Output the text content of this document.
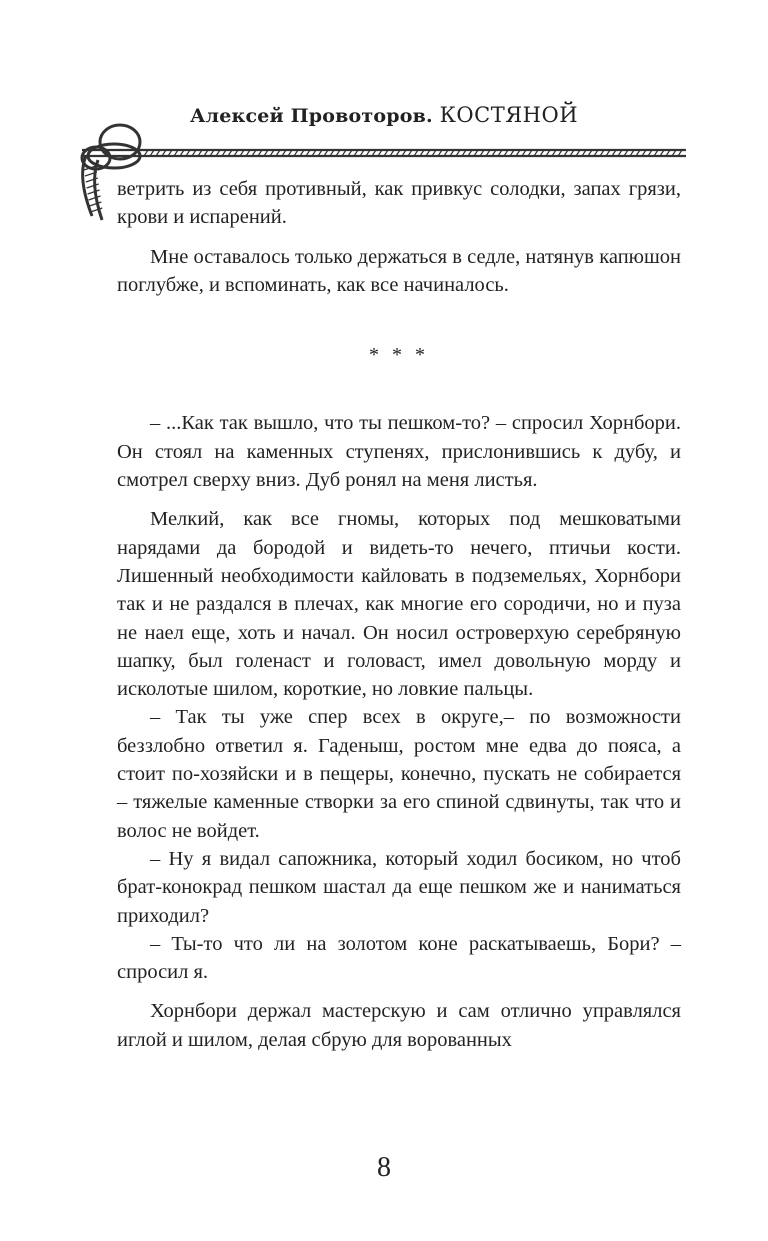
Алексей Провоторов. КОСТЯНОЙ

ветрить из себя противный, как привкус солодки, запах грязи, крови и испарений.

Мне оставалось только держаться в седле, натянув капюшон поглубже, и вспоминать, как все начиналось.

* * *

– ...Как так вышло, что ты пешком-то? – спросил Хорнбори. Он стоял на каменных ступенях, прислонившись к дубу, и смотрел сверху вниз. Дуб ронял на меня листья.

Мелкий, как все гномы, которых под мешковатыми нарядами да бородой и видеть-то нечего, птичьи кости. Лишенный необходимости кайловать в подземельях, Хорнбори так и не раздался в плечах, как многие его сородичи, но и пуза не наел еще, хоть и начал. Он носил островерхую серебряную шапку, был голенаст и головаст, имел довольную морду и исколотые шилом, короткие, но ловкие пальцы.

– Так ты уже спер всех в округе,– по возможности беззлобно ответил я. Гаденыш, ростом мне едва до пояса, а стоит по-хозяйски и в пещеры, конечно, пускать не собирается – тяжелые каменные створки за его спиной сдвинуты, так что и волос не войдет.

– Ну я видал сапожника, который ходил босиком, но чтоб брат-конокрад пешком шастал да еще пешком же и наниматься приходил?

– Ты-то что ли на золотом коне раскатываешь, Бори? – спросил я.

Хорнбори держал мастерскую и сам отлично управлялся иглой и шилом, делая сбрую для ворованных

8
